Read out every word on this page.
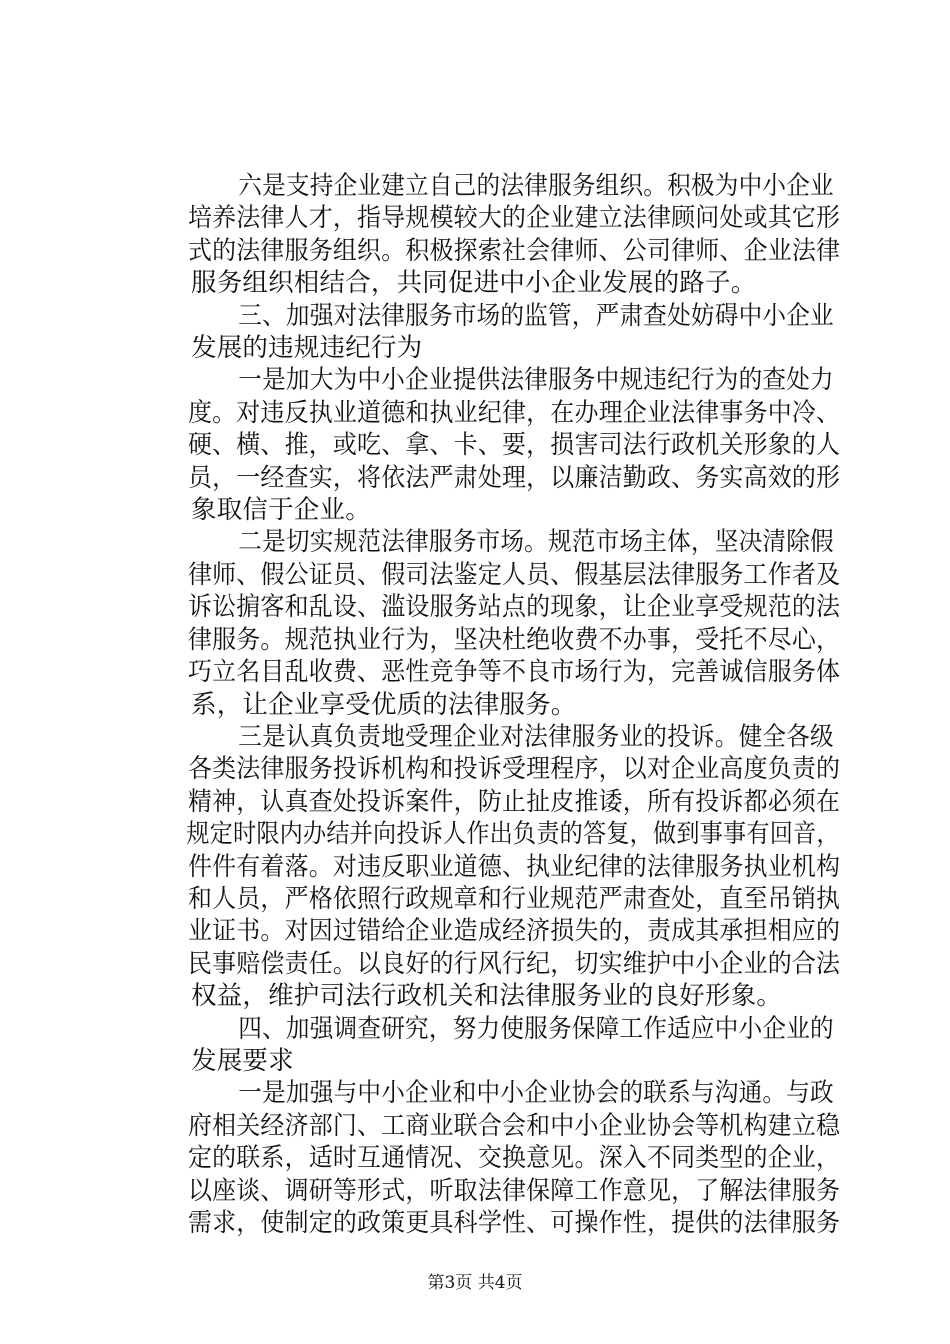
六是支持企业建立自己的法律服务组织。积极为中小企业 培养法律人才，指导规模较大的企业建立法律顾问处或其它形 式的法律服务组织。积极探索社会律师、公司律师、企业法律
服务组织相结合，共同促进中小企业发展的路子。

三、加强对法律服务市场的监管，严肃查处妨碍中小企业
发展的违规违纪行为

一是加大为中小企业提供法律服务中规违纪行为的查处力 度。对违反执业道德和执业纪律，在办理企业法律事务中冷、 硬、横、推，或吃、拿、卡、要，损害司法行政机关形象的人 员，一经查实，将依法严肃处理，以廉洁勤政、务实高效的形
象取信于企业。

二是切实规范法律服务市场。规范市场主体，坚决清除假 律师、假公证员、假司法鉴定人员、假基层法律服务工作者及 诉讼掮客和乱设、滥设服务站点的现象，让企业享受规范的法 律服务。规范执业行为，坚决杜绝收费不办事，受托不尽心， 巧立名目乱收费、恶性竞争等不良市场行为，完善诚信服务体
系，让企业享受优质的法律服务。

三是认真负责地受理企业对法律服务业的投诉。健全各级 各类法律服务投诉机构和投诉受理程序，以对企业高度负责的 精神，认真查处投诉案件，防止扯皮推诿，所有投诉都必须在 规定时限内办结并向投诉人作出负责的答复，做到事事有回音， 件件有着落。对违反职业道德、执业纪律的法律服务执业机构 和人员，严格依照行政规章和行业规范严肃查处，直至吊销执 业证书。对因过错给企业造成经济损失的，责成其承担相应的 民事赔偿责任。以良好的行风行纪，切实维护中小企业的合法
权益，维护司法行政机关和法律服务业的良好形象。

四、加强调查研究，努力使服务保障工作适应中小企业的
发展要求

一是加强与中小企业和中小企业协会的联系与沟通。与政 府相关经济部门、工商业联合会和中小企业协会等机构建立稳 定的联系，适时互通情况、交换意见。深入不同类型的企业， 以座谈、调研等形式，听取法律保障工作意见，了解法律服务 需求，使制定的政策更具科学性、可操作性，提供的法律服务

第3页 共4页
